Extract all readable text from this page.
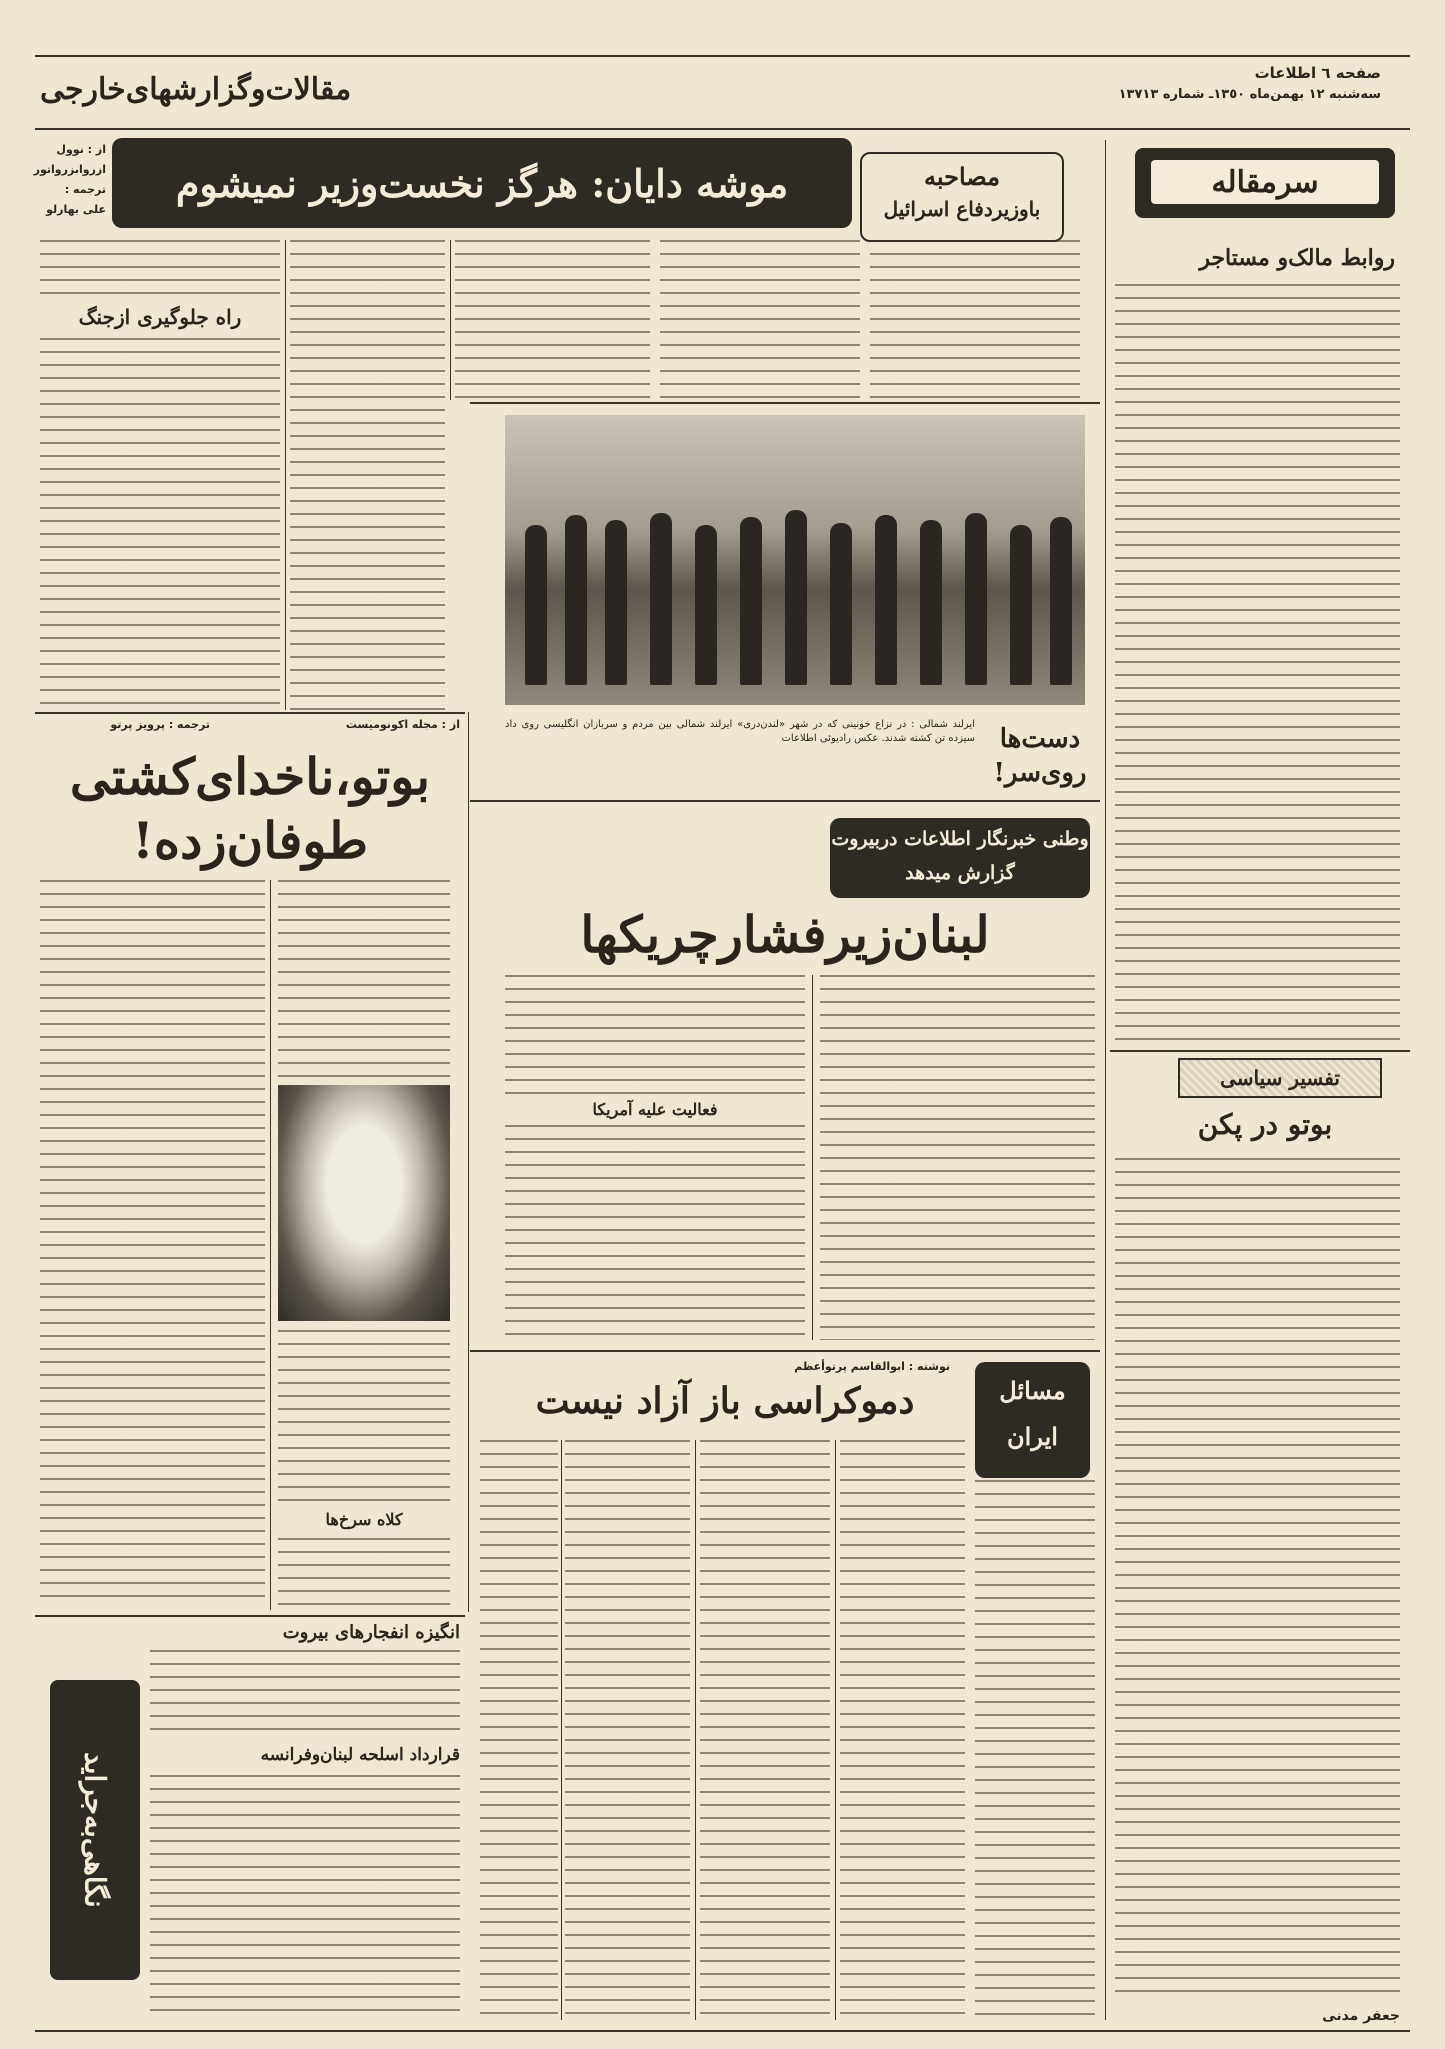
صفحه ٦ اطلاعات
سه‌شنبه ١٢ بهمن‌ماه ١٣٥٠ـ شماره ١٣٧١٣
مقالات‌وگزارشهای‌خارجی
از : نوول ازروابزرواتور
ترجمه :
علی بهارلو
موشه دایان: هرگز نخست‌وزیر نمیشوم	مصاحبه
باوزیردفاع اسرائیل
راه جلوگیری ازجنگ
سرمقاله
روابط مالک‌و مستاجر
دست‌ها روی‌سر!
ایرلند شمالی : در نزاع خونینی که در شهر «لندن‌دری» ایرلند شمالی بین مردم و سربازان انگلیسی روی داد سیزده تن کشته شدند. عکس رادیوئی اطلاعات
از : مجله اکونومیست
ترجمه : پرویز پرتو
بوتو،ناخدای‌کشتی طوفان‌زده!
کلاه سرخ‌ها
وطنی خبرنگار اطلاعات دربیروت گزارش میدهد
لبنان‌زیرفشارچریکها
فعالیت علیه آمریکا
تفسیر سیاسی
بوتو در پکن
جعفر مدنی
نوشته : ابوالقاسم پرتوأعظم
دموکراسی باز آزاد نیست	مسائل ایران
انگیزه انفجارهای بیروت
قرارداد اسلحه لبنان‌وفرانسه
نگاهی‌به‌جراید
